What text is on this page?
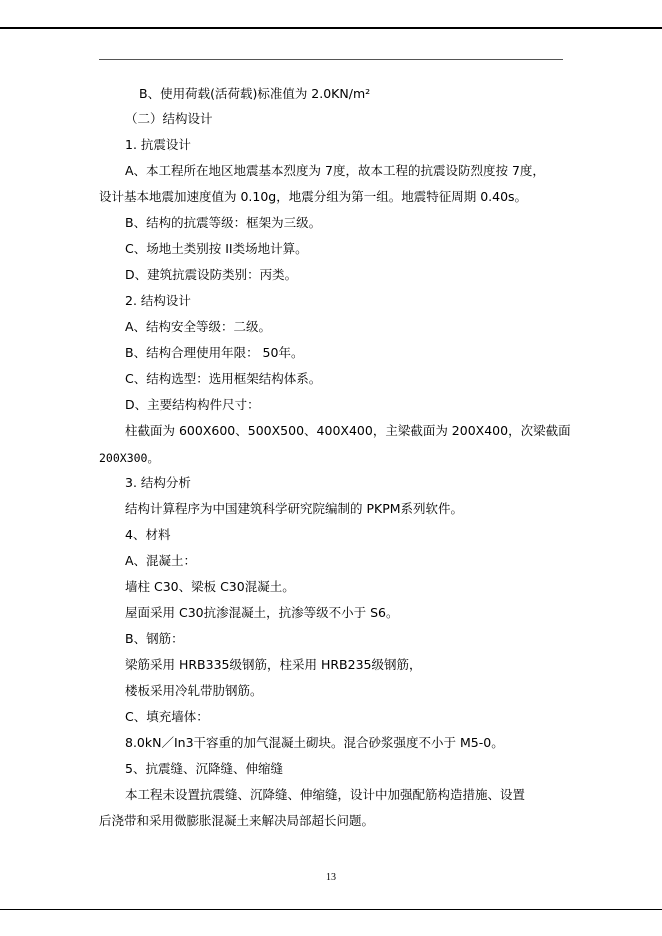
B、使用荷载(活荷载)标准值为 2.0KN/m²
（二）结构设计
1. 抗震设计
A、本工程所在地区地震基本烈度为 7度，故本工程的抗震设防烈度按 7度，
设计基本地震加速度值为 0.10g，地震分组为第一组。地震特征周期 0.40s。
B、结构的抗震等级：框架为三级。
C、场地土类别按 II类场地计算。
D、建筑抗震设防类别：丙类。
2. 结构设计
A、结构安全等级：二级。
B、结构合理使用年限： 50年。
C、结构选型：选用框架结构体系。
D、主要结构构件尺寸：
柱截面为 600X600、500X500、400X400，主梁截面为 200X400，次梁截面
200X300。
3. 结构分析
结构计算程序为中国建筑科学研究院编制的 PKPM系列软件。
4、材料
A、混凝土：
墙柱 C30、梁板 C30混凝土。
屋面采用 C30抗渗混凝土，抗渗等级不小于 S6。
B、钢筋：
梁筋采用 HRB335级钢筋，柱采用 HRB235级钢筋，
楼板采用冷轧带肋钢筋。
C、填充墙体：
8.0kN／In3干容重的加气混凝土砌块。混合砂浆强度不小于 M5-0。
5、抗震缝、沉降缝、伸缩缝
本工程未设置抗震缝、沉降缝、伸缩缝，设计中加强配筋构造措施、设置
后浇带和采用微膨胀混凝土来解决局部超长问题。
13
